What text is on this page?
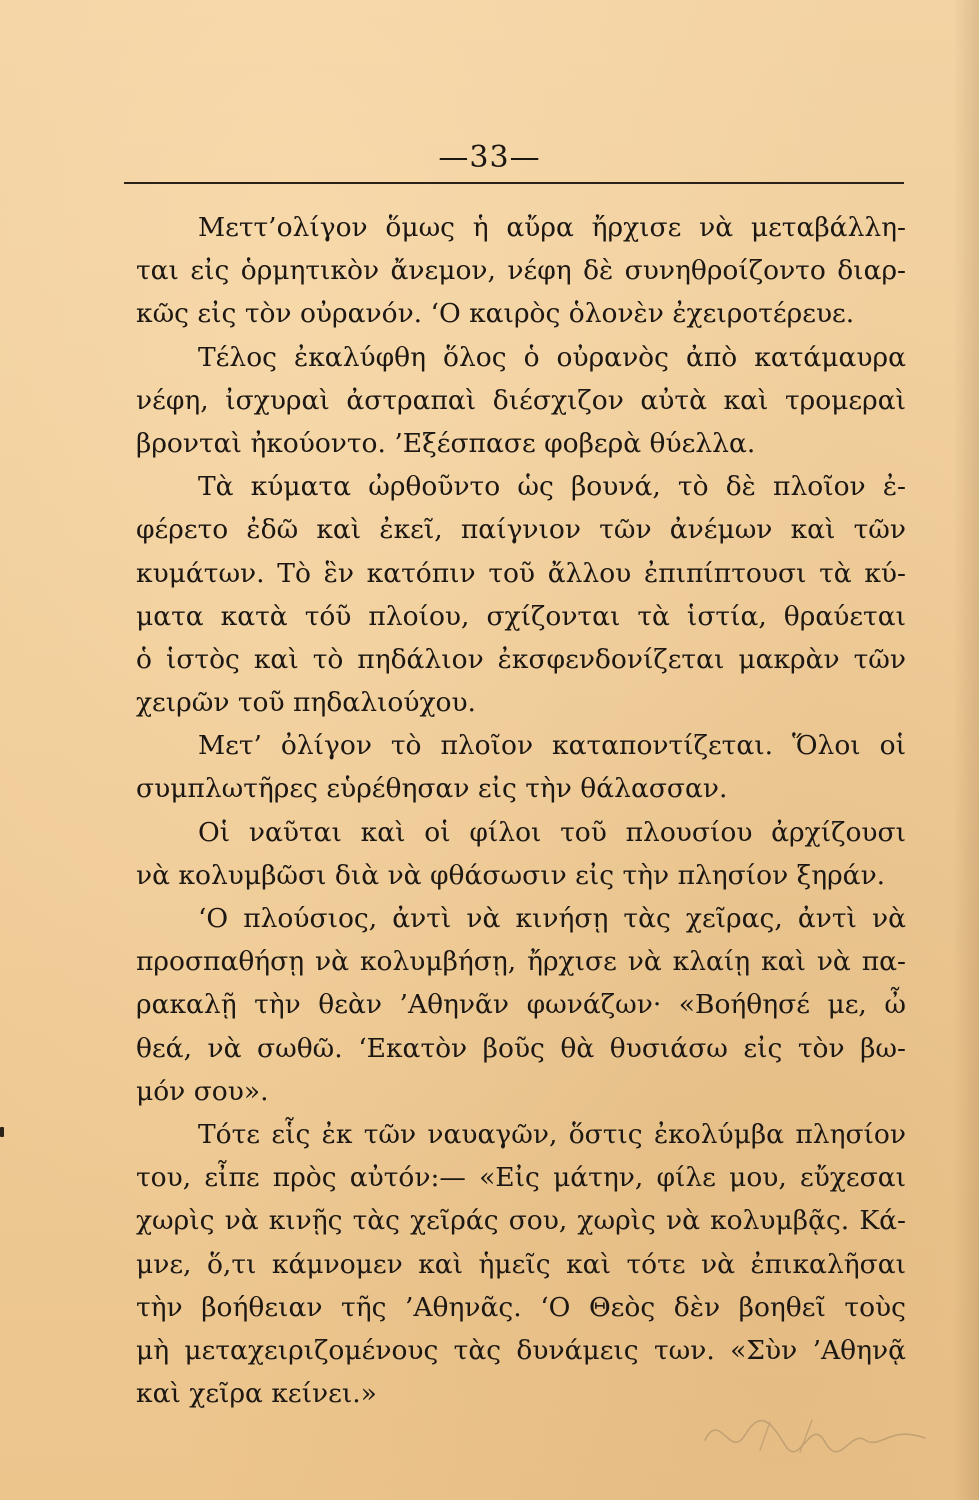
—33—
Μεττ’ολίγον ὅμως ἡ αὔρα ἤρχισε νὰ μεταβάλλη-
ται εἰς ὁρμητικὸν ἄνεμον, νέφη δὲ συνηθροίζοντο διαρ-
κῶς εἰς τὸν οὐρανόν. ‘Ο καιρὸς ὁλονὲν ἐχειροτέρευε.
Τέλος ἐκαλύφθη ὅλος ὁ οὐρανὸς ἀπὸ κατάμαυρα
νέφη, ἰσχυραὶ ἀστραπαὶ διέσχιζον αὐτὰ καὶ τρομεραὶ
βρονταὶ ἠκούοντο. ’Εξέσπασε φοβερὰ θύελλα.
Τὰ κύματα ὠρθοῦντο ὡς βουνά, τὸ δὲ πλοῖον ἐ-
φέρετο ἐδῶ καὶ ἐκεῖ, παίγνιον τῶν ἀνέμων καὶ τῶν
κυμάτων. Τὸ ἓν κατόπιν τοῦ ἄλλου ἐπιπίπτουσι τὰ κύ-
ματα κατὰ τόῦ πλοίου, σχίζονται τὰ ἱστία, θραύεται
ὁ ἱστὸς καὶ τὸ πηδάλιον ἐκσφενδονίζεται μακρὰν τῶν
χειρῶν τοῦ πηδαλιούχου.
Μετ’ ὀλίγον τὸ πλοῖον καταποντίζεται. Ὅλοι οἱ
συμπλωτῆρες εὑρέθησαν εἰς τὴν θάλασσαν.
Οἱ ναῦται καὶ οἱ φίλοι τοῦ πλουσίου ἀρχίζουσι
νὰ κολυμβῶσι διὰ νὰ φθάσωσιν εἰς τὴν πλησίον ξηράν.
‘Ο πλούσιος, ἀντὶ νὰ κινήσῃ τὰς χεῖρας, ἀντὶ νὰ
προσπαθήσῃ νὰ κολυμβήσῃ, ἤρχισε νὰ κλαίῃ καὶ νὰ πα-
ρακαλῇ τὴν θεὰν ’Αθηνᾶν φωνάζων· «Βοήθησέ με, ὦ
θεά, νὰ σωθῶ. ‘Εκατὸν βοῦς θὰ θυσιάσω εἰς τὸν βω-
μόν σου».
Τότε εἷς ἐκ τῶν ναυαγῶν, ὅστις ἐκολύμβα πλησίον
του, εἶπε πρὸς αὐτόν:— «Εἰς μάτην, φίλε μου, εὔχεσαι
χωρὶς νὰ κινῇς τὰς χεῖράς σου, χωρὶς νὰ κολυμβᾷς. Κά-
μνε, ὅ,τι κάμνομεν καὶ ἡμεῖς καὶ τότε νὰ ἐπικαλῆσαι
τὴν βοήθειαν τῆς ’Αθηνᾶς. ‘Ο Θεὸς δὲν βοηθεῖ τοὺς
μὴ μεταχειριζομένους τὰς δυνάμεις των. «Σὺν ’Αθηνᾷ
καὶ χεῖρα κείνει.»
